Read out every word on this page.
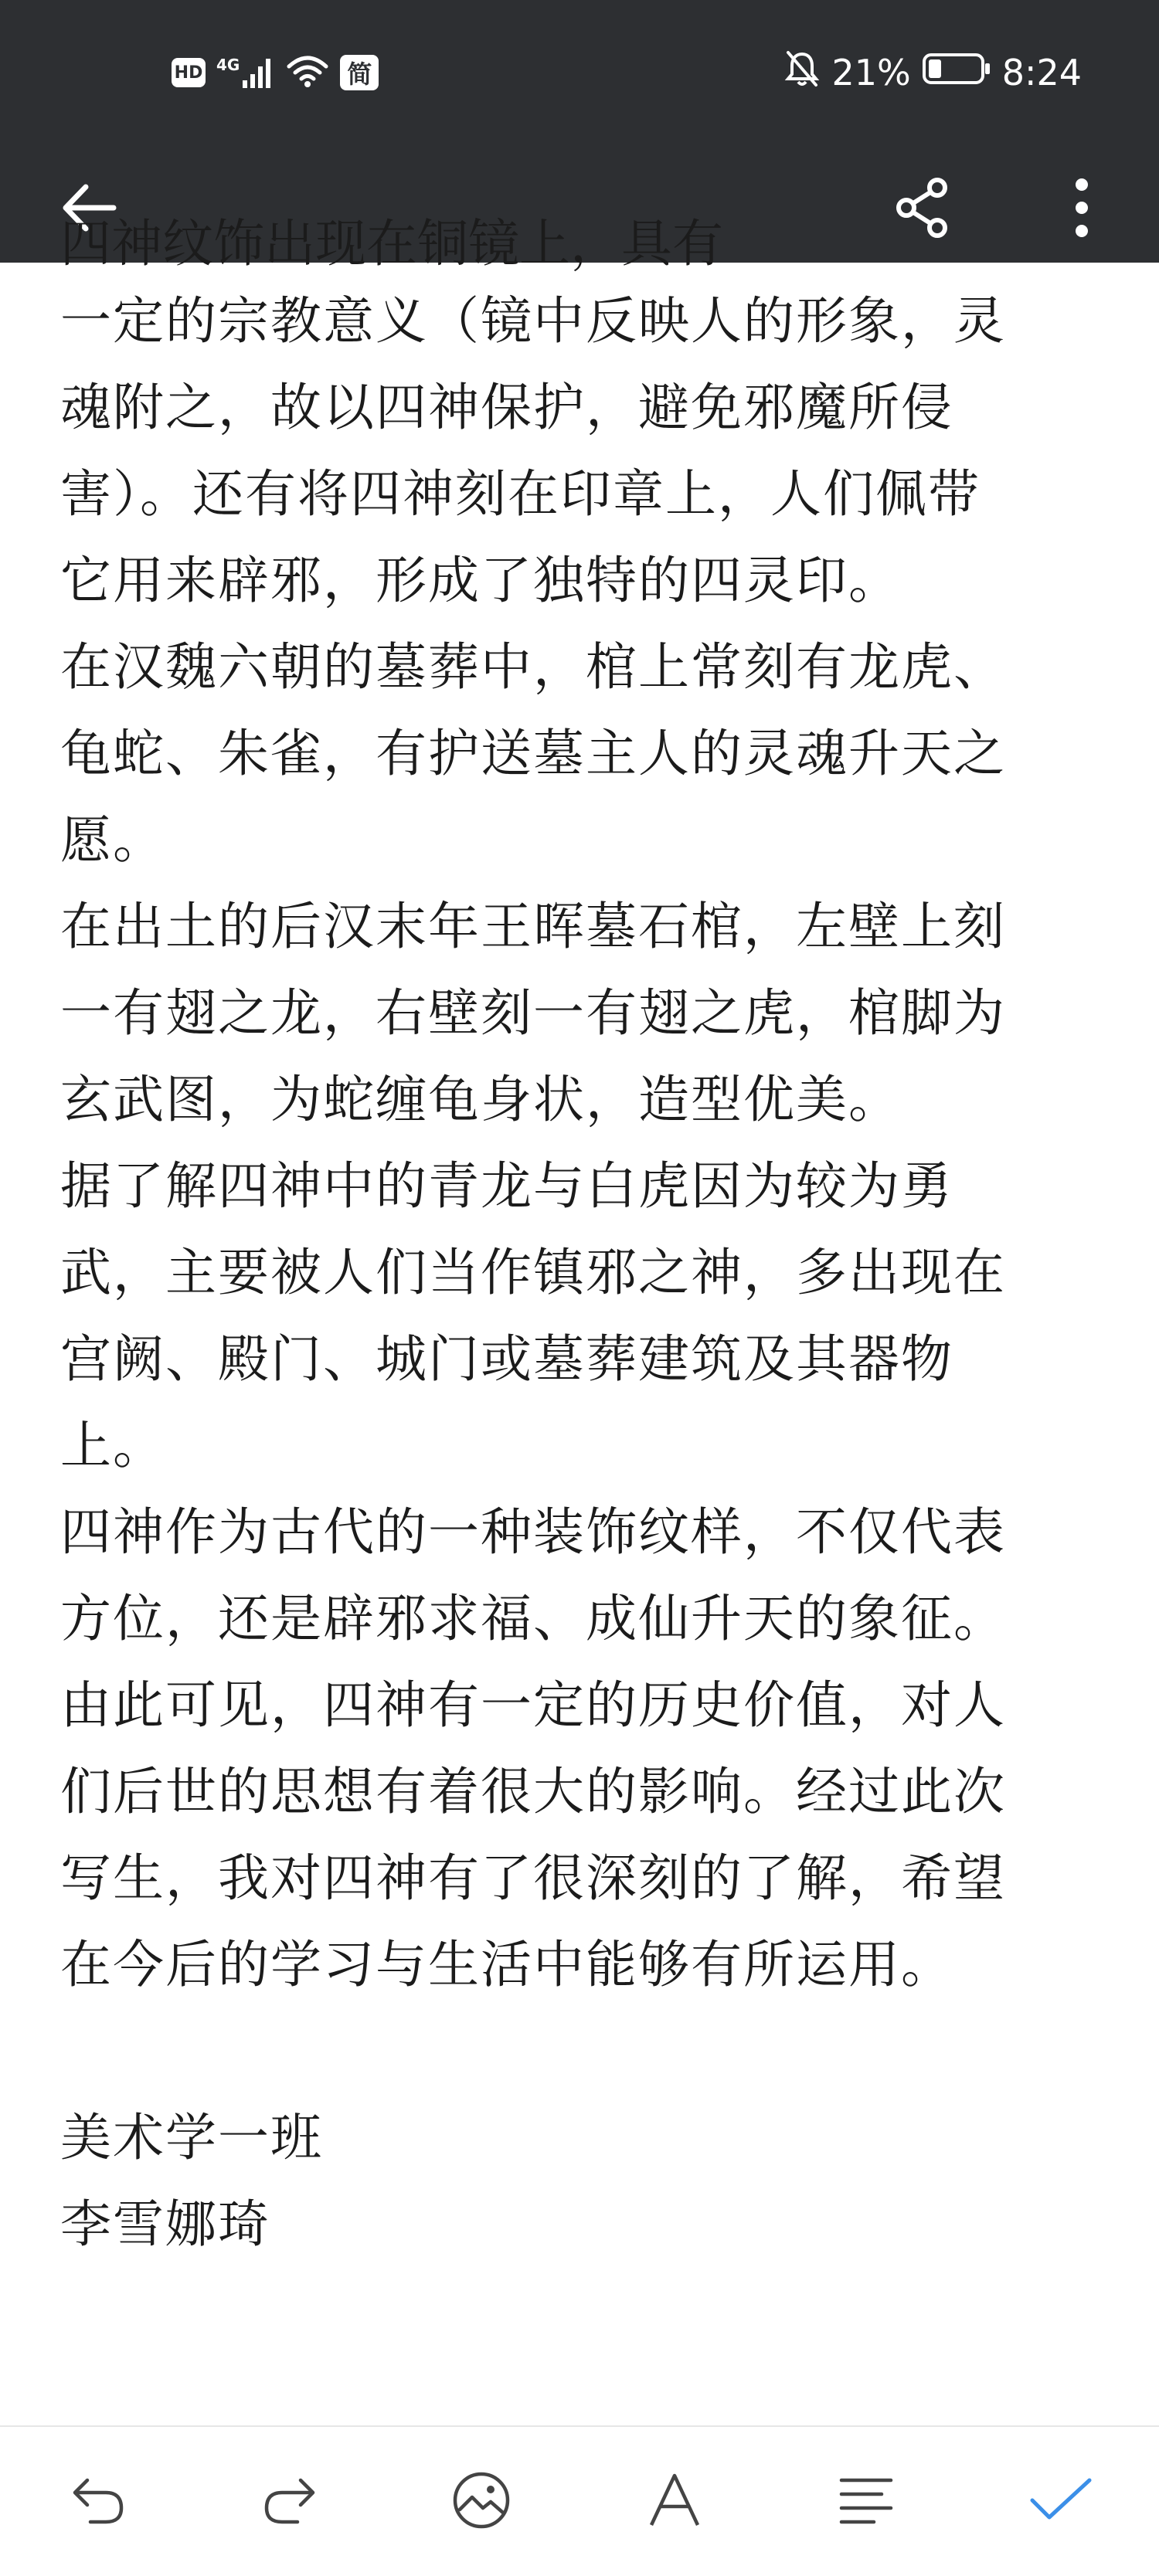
HD 4G	简	21%	8:24
四神纹饰出现在铜镜上，具有
一定的宗教意义（镜中反映人的形象，灵
魂附之，故以四神保护，避免邪魔所侵
害）。还有将四神刻在印章上，人们佩带
它用来辟邪，形成了独特的四灵印。
在汉魏六朝的墓葬中，棺上常刻有龙虎、
龟蛇、朱雀，有护送墓主人的灵魂升天之
愿。
在出土的后汉末年王晖墓石棺，左壁上刻
一有翅之龙，右壁刻一有翅之虎，棺脚为
玄武图，为蛇缠龟身状，造型优美。
据了解四神中的青龙与白虎因为较为勇
武，主要被人们当作镇邪之神，多出现在
宫阙、殿门、城门或墓葬建筑及其器物
上。
四神作为古代的一种装饰纹样，不仅代表
方位，还是辟邪求福、成仙升天的象征。
由此可见，四神有一定的历史价值，对人
们后世的思想有着很大的影响。经过此次
写生，我对四神有了很深刻的了解，希望
在今后的学习与生活中能够有所运用。
美术学一班
李雪娜琦
